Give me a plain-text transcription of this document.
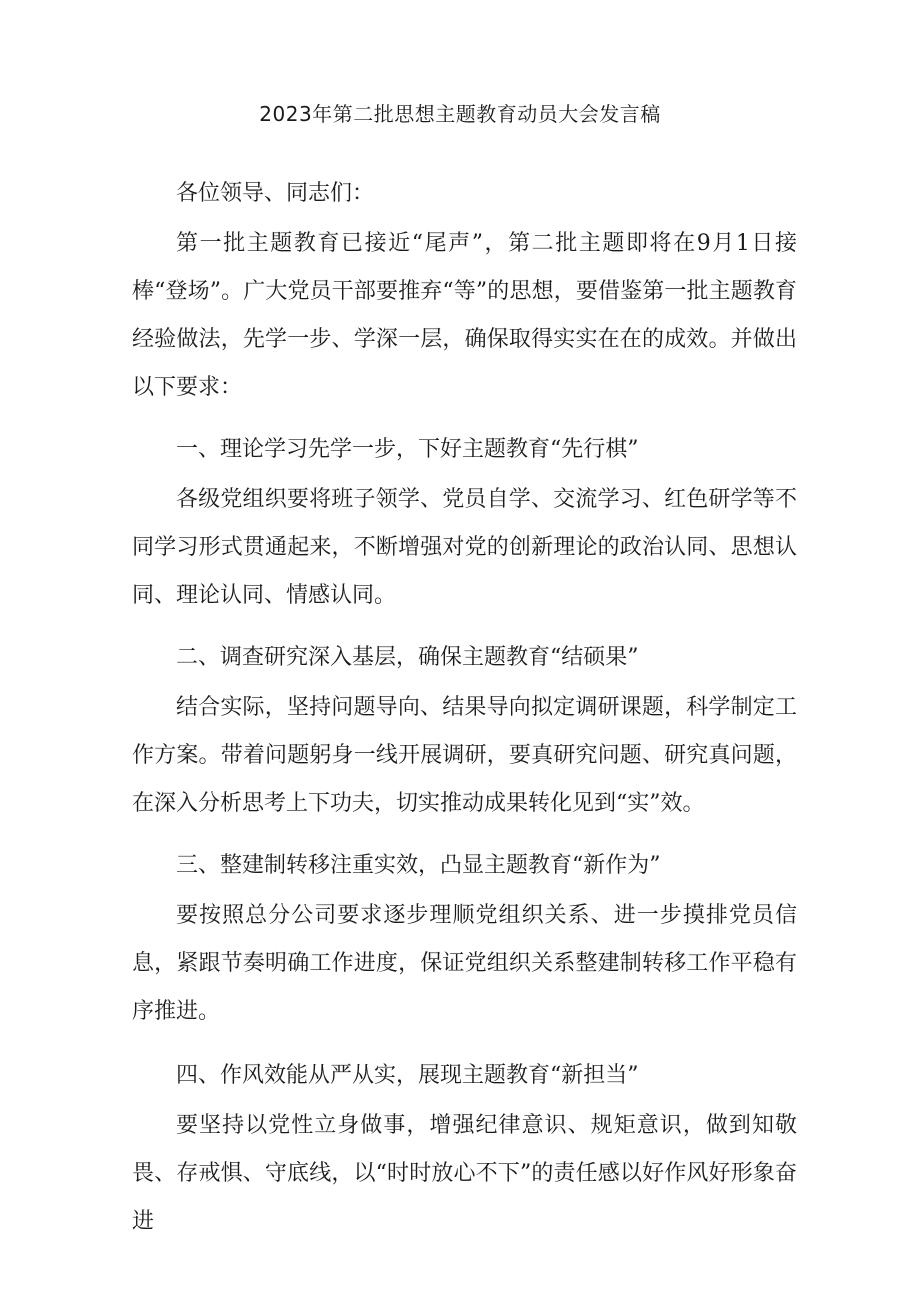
2023年第二批思想主题教育动员大会发言稿

各位领导、同志们：

第一批主题教育已接近“尾声”，第二批主题即将在9月1日接棒“登场”。广大党员干部要推弃“等”的思想，要借鉴第一批主题教育经验做法，先学一步、学深一层，确保取得实实在在的成效。并做出以下要求：

一、理论学习先学一步，下好主题教育“先行棋”

各级党组织要将班子领学、党员自学、交流学习、红色研学等不同学习形式贯通起来，不断增强对党的创新理论的政治认同、思想认同、理论认同、情感认同。

二、调查研究深入基层，确保主题教育“结硕果”

结合实际，坚持问题导向、结果导向拟定调研课题，科学制定工作方案。带着问题躬身一线开展调研，要真研究问题、研究真问题，在深入分析思考上下功夫，切实推动成果转化见到“实”效。

三、整建制转移注重实效，凸显主题教育“新作为”

要按照总分公司要求逐步理顺党组织关系、进一步摸排党员信息，紧跟节奏明确工作进度，保证党组织关系整建制转移工作平稳有序推进。

四、作风效能从严从实，展现主题教育“新担当”

要坚持以党性立身做事，增强纪律意识、规矩意识，做到知敬畏、存戒惧、守底线，以“时时放心不下”的责任感以好作风好形象奋进
